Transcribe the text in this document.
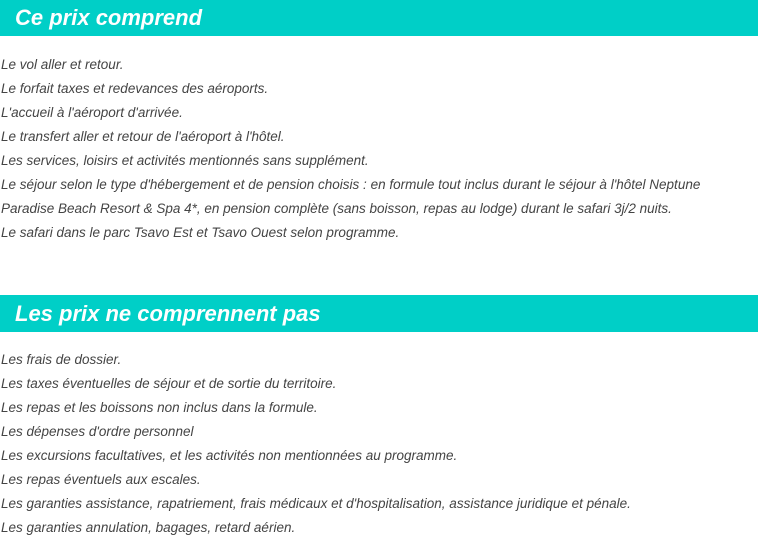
Ce prix comprend
Le vol aller et retour.
Le forfait taxes et redevances des aéroports.
L'accueil à l'aéroport d'arrivée.
Le transfert aller et retour de l'aéroport à l'hôtel.
Les services, loisirs et activités mentionnés sans supplément.
Le séjour selon le type d'hébergement et de pension choisis : en formule tout inclus durant le séjour à l'hôtel Neptune Paradise Beach Resort & Spa 4*, en pension complète (sans boisson, repas au lodge) durant le safari 3j/2 nuits.
Le safari dans le parc Tsavo Est et Tsavo Ouest selon programme.
Les prix ne comprennent pas
Les frais de dossier.
Les taxes éventuelles de séjour et de sortie du territoire.
Les repas et les boissons non inclus dans la formule.
Les dépenses d'ordre personnel
Les excursions facultatives, et les activités non mentionnées au programme.
Les repas éventuels aux escales.
Les garanties assistance, rapatriement, frais médicaux et d'hospitalisation, assistance juridique et pénale.
Les garanties annulation, bagages, retard aérien.
